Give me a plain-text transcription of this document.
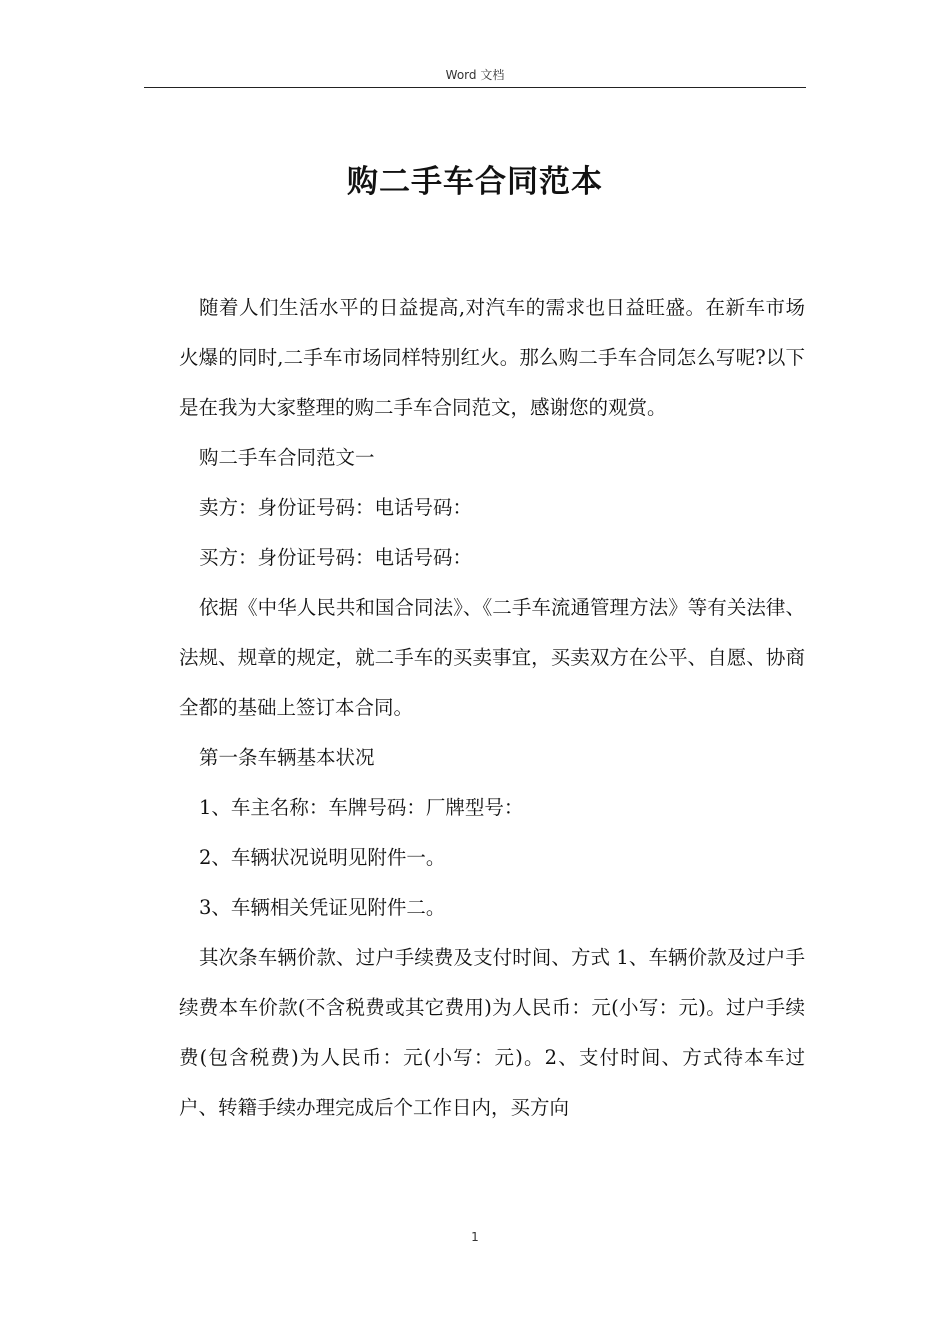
Word 文档
购二手车合同范本

随着人们生活水平的日益提高,对汽车的需求也日益旺盛。在新车市场火爆的同时,二手车市场同样特别红火。那么购二手车合同怎么写呢?以下是在我为大家整理的购二手车合同范文，感谢您的观赏。

购二手车合同范文一

卖方：身份证号码：电话号码：

买方：身份证号码：电话号码：

依据《中华人民共和国合同法》、《二手车流通管理方法》等有关法律、法规、规章的规定，就二手车的买卖事宜，买卖双方在公平、自愿、协商全都的基础上签订本合同。

第一条车辆基本状况

1、车主名称：车牌号码：厂牌型号：

2、车辆状况说明见附件一。

3、车辆相关凭证见附件二。

其次条车辆价款、过户手续费及支付时间、方式 1、车辆价款及过户手续费本车价款(不含税费或其它费用)为人民币：元(小写：元)。过户手续费(包含税费)为人民币：元(小写：元)。2、支付时间、方式待本车过户、转籍手续办理完成后个工作日内，买方向

1
